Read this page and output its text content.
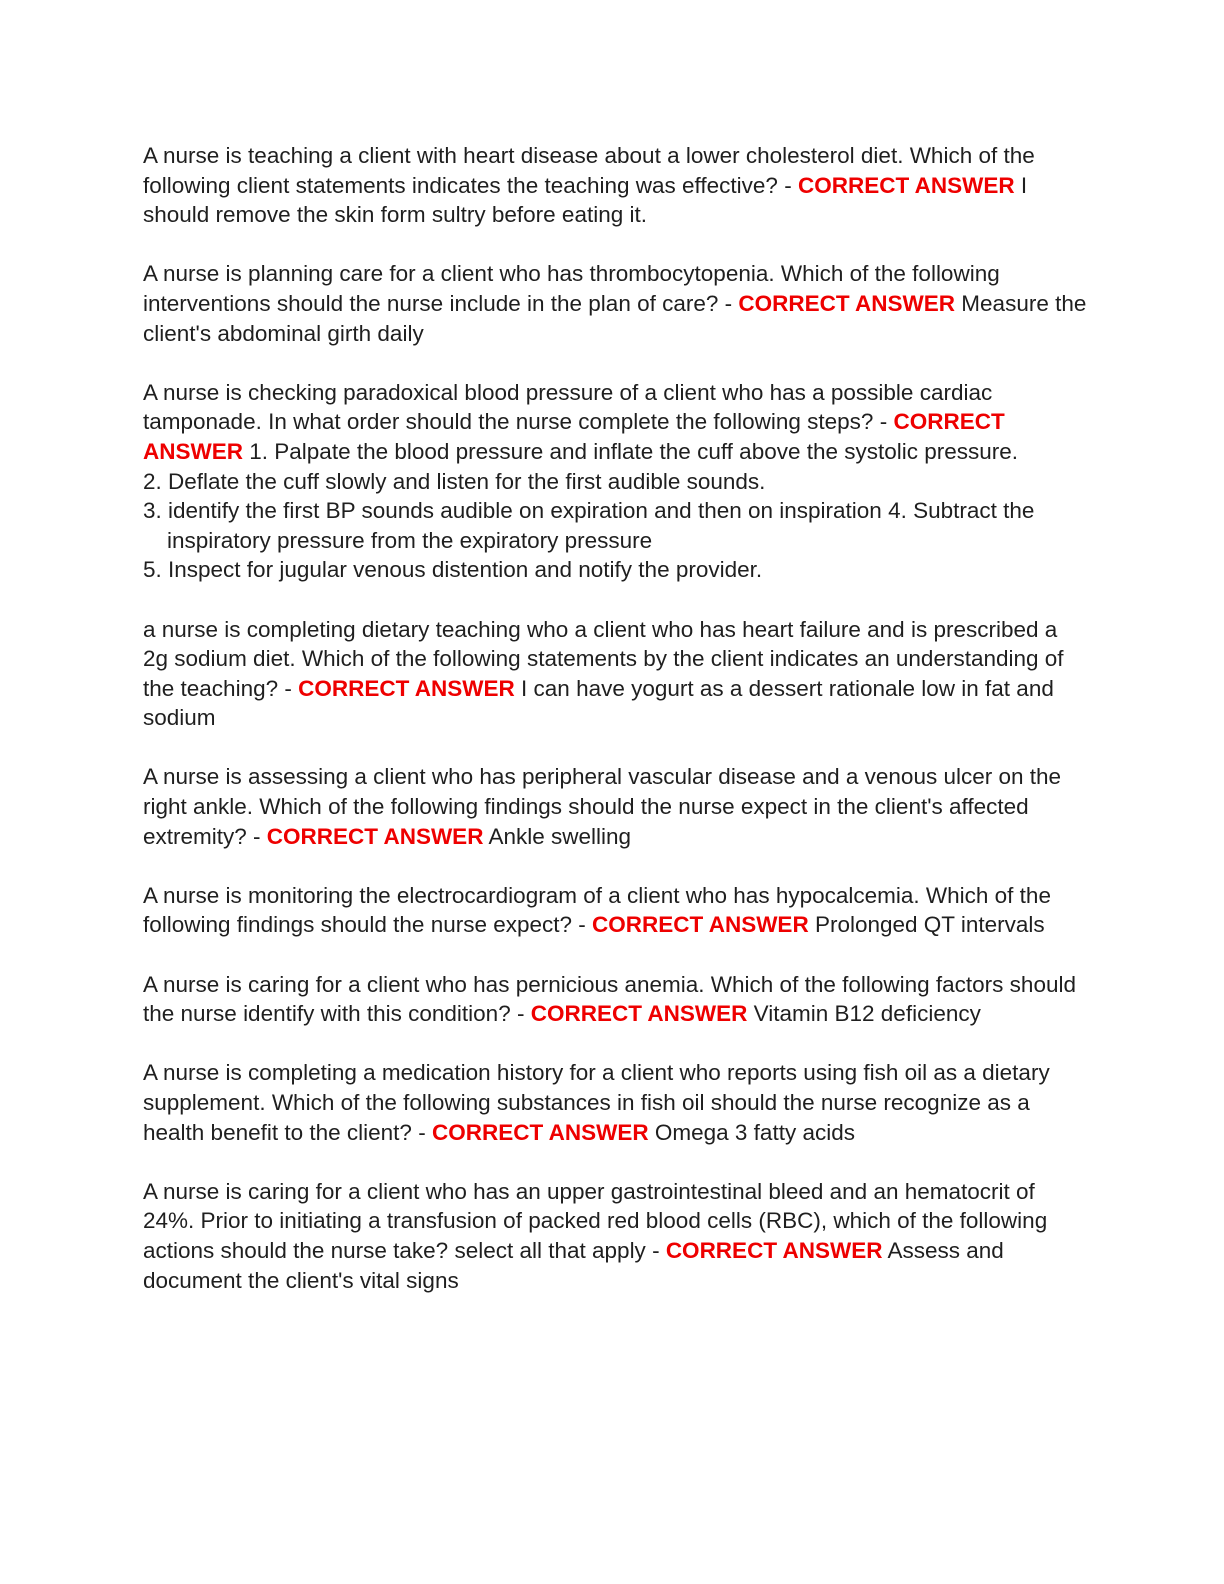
A nurse is teaching a client with heart disease about a lower cholesterol diet. Which of the following client statements indicates the teaching was effective? - CORRECT ANSWER I should remove the skin form sultry before eating it.

A nurse is planning care for a client who has thrombocytopenia. Which of the following interventions should the nurse include in the plan of care? - CORRECT ANSWER Measure the client's abdominal girth daily

A nurse is checking paradoxical blood pressure of a client who has a possible cardiac tamponade. In what order should the nurse complete the following steps? - CORRECT ANSWER 1. Palpate the blood pressure and inflate the cuff above the systolic pressure.
2. Deflate the cuff slowly and listen for the first audible sounds.
3. identify the first BP sounds audible on expiration and then on inspiration 4. Subtract the inspiratory pressure from the expiratory pressure
5. Inspect for jugular venous distention and notify the provider.

a nurse is completing dietary teaching who a client who has heart failure and is prescribed a 2g sodium diet. Which of the following statements by the client indicates an understanding of the teaching? - CORRECT ANSWER I can have yogurt as a dessert rationale low in fat and sodium

A nurse is assessing a client who has peripheral vascular disease and a venous ulcer on the right ankle. Which of the following findings should the nurse expect in the client's affected extremity? - CORRECT ANSWER Ankle swelling

A nurse is monitoring the electrocardiogram of a client who has hypocalcemia. Which of the following findings should the nurse expect? - CORRECT ANSWER Prolonged QT intervals

A nurse is caring for a client who has pernicious anemia. Which of the following factors should the nurse identify with this condition? - CORRECT ANSWER Vitamin B12 deficiency

A nurse is completing a medication history for a client who reports using fish oil as a dietary supplement. Which of the following substances in fish oil should the nurse recognize as a health benefit to the client? - CORRECT ANSWER Omega 3 fatty acids

A nurse is caring for a client who has an upper gastrointestinal bleed and an hematocrit of 24%. Prior to initiating a transfusion of packed red blood cells (RBC), which of the following actions should the nurse take? select all that apply - CORRECT ANSWER Assess and document the client's vital signs
